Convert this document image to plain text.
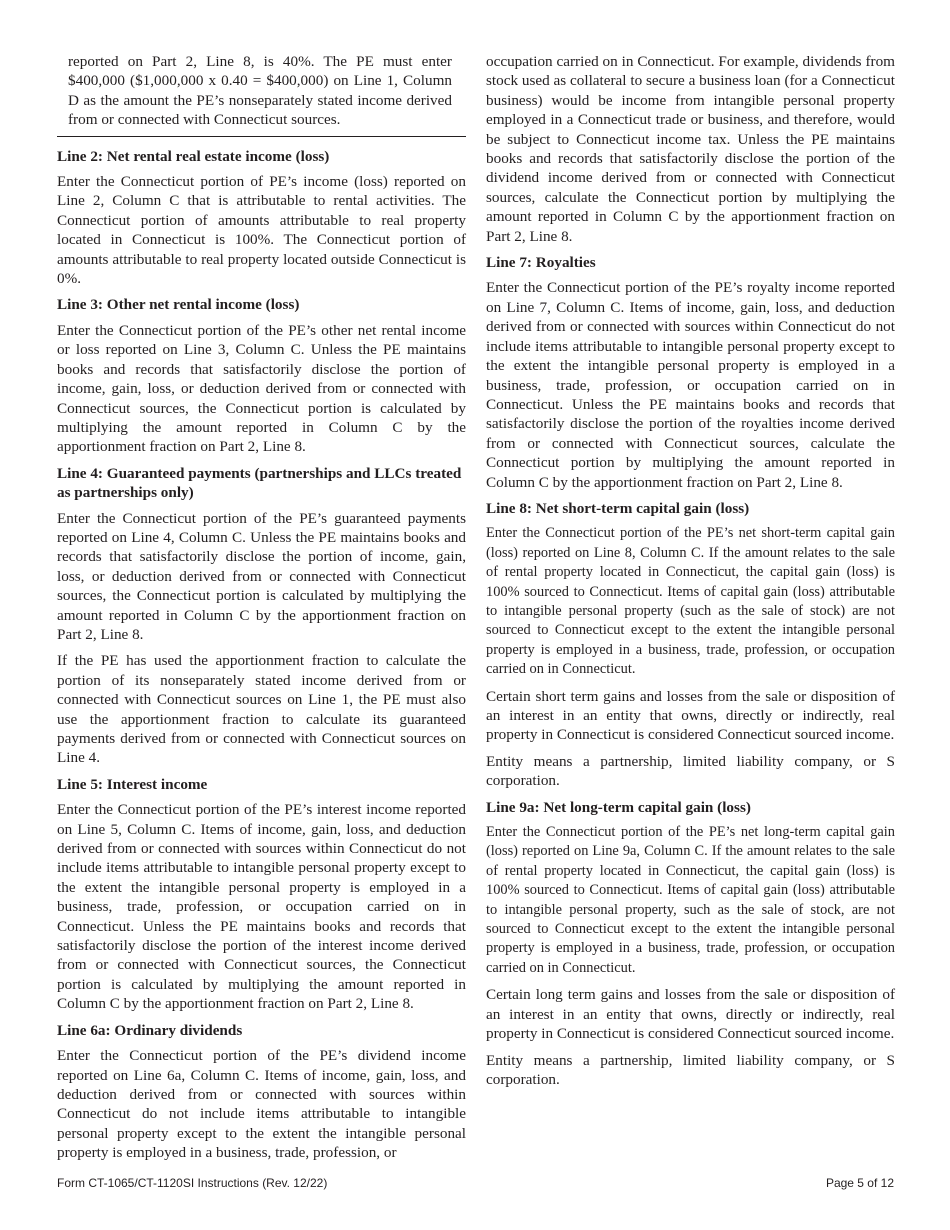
reported on Part 2, Line 8, is 40%. The PE must enter $400,000 ($1,000,000 x 0.40 = $400,000) on Line 1, Column D as the amount the PE’s nonseparately stated income derived from or connected with Connecticut sources.

Line 2: Net rental real estate income (loss)

Enter the Connecticut portion of PE’s income (loss) reported on Line 2, Column C that is attributable to rental activities. The Connecticut portion of amounts attributable to real property located in Connecticut is 100%. The Connecticut portion of amounts attributable to real property located outside Connecticut is 0%.

Line 3: Other net rental income (loss)

Enter the Connecticut portion of the PE’s other net rental income or loss reported on Line 3, Column C. Unless the PE maintains books and records that satisfactorily disclose the portion of income, gain, loss, or deduction derived from or connected with Connecticut sources, the Connecticut portion is calculated by multiplying the amount reported in Column C by the apportionment fraction on Part 2, Line 8.

Line 4: Guaranteed payments (partnerships and LLCs treated as partnerships only)

Enter the Connecticut portion of the PE’s guaranteed payments reported on Line 4, Column C. Unless the PE maintains books and records that satisfactorily disclose the portion of income, gain, loss, or deduction derived from or connected with Connecticut sources, the Connecticut portion is calculated by multiplying the amount reported in Column C by the apportionment fraction on Part 2, Line 8.

If the PE has used the apportionment fraction to calculate the portion of its nonseparately stated income derived from or connected with Connecticut sources on Line 1, the PE must also use the apportionment fraction to calculate its guaranteed payments derived from or connected with Connecticut sources on Line 4.

Line 5: Interest income

Enter the Connecticut portion of the PE’s interest income reported on Line 5, Column C. Items of income, gain, loss, and deduction derived from or connected with sources within Connecticut do not include items attributable to intangible personal property except to the extent the intangible personal property is employed in a business, trade, profession, or occupation carried on in Connecticut. Unless the PE maintains books and records that satisfactorily disclose the portion of the interest income derived from or connected with Connecticut sources, the Connecticut portion is calculated by multiplying the amount reported in Column C by the apportionment fraction on Part 2, Line 8.

Line 6a: Ordinary dividends

Enter the Connecticut portion of the PE’s dividend income reported on Line 6a, Column C. Items of income, gain, loss, and deduction derived from or connected with sources within Connecticut do not include items attributable to intangible personal property except to the extent the intangible personal property is employed in a business, trade, profession, or

occupation carried on in Connecticut. For example, dividends from stock used as collateral to secure a business loan (for a Connecticut business) would be income from intangible personal property employed in a Connecticut trade or business, and therefore, would be subject to Connecticut income tax. Unless the PE maintains books and records that satisfactorily disclose the portion of the dividend income derived from or connected with Connecticut sources, calculate the Connecticut portion by multiplying the amount reported in Column C by the apportionment fraction on Part 2, Line 8.

Line 7: Royalties

Enter the Connecticut portion of the PE’s royalty income reported on Line 7, Column C. Items of income, gain, loss, and deduction derived from or connected with sources within Connecticut do not include items attributable to intangible personal property except to the extent the intangible personal property is employed in a business, trade, profession, or occupation carried on in Connecticut. Unless the PE maintains books and records that satisfactorily disclose the portion of the royalties income derived from or connected with Connecticut sources, calculate the Connecticut portion by multiplying the amount reported in Column C by the apportionment fraction on Part 2, Line 8.

Line 8: Net short-term capital gain (loss)

Enter the Connecticut portion of the PE’s net short-term capital gain (loss) reported on Line 8, Column C. If the amount relates to the sale of rental property located in Connecticut, the capital gain (loss) is 100% sourced to Connecticut. Items of capital gain (loss) attributable to intangible personal property (such as the sale of stock) are not sourced to Connecticut except to the extent the intangible personal property is employed in a business, trade, profession, or occupation carried on in Connecticut.

Certain short term gains and losses from the sale or disposition of an interest in an entity that owns, directly or indirectly, real property in Connecticut is considered Connecticut sourced income.

Entity means a partnership, limited liability company, or S corporation.

Line 9a: Net long-term capital gain (loss)

Enter the Connecticut portion of the PE’s net long-term capital gain (loss) reported on Line 9a, Column C. If the amount relates to the sale of rental property located in Connecticut, the capital gain (loss) is 100% sourced to Connecticut. Items of capital gain (loss) attributable to intangible personal property, such as the sale of stock, are not sourced to Connecticut except to the extent the intangible personal property is employed in a business, trade, profession, or occupation carried on in Connecticut.

Certain long term gains and losses from the sale or disposition of an interest in an entity that owns, directly or indirectly, real property in Connecticut is considered Connecticut sourced income.

Entity means a partnership, limited liability company, or S corporation.

Form CT-1065/CT-1120SI Instructions (Rev. 12/22)	Page 5 of 12
